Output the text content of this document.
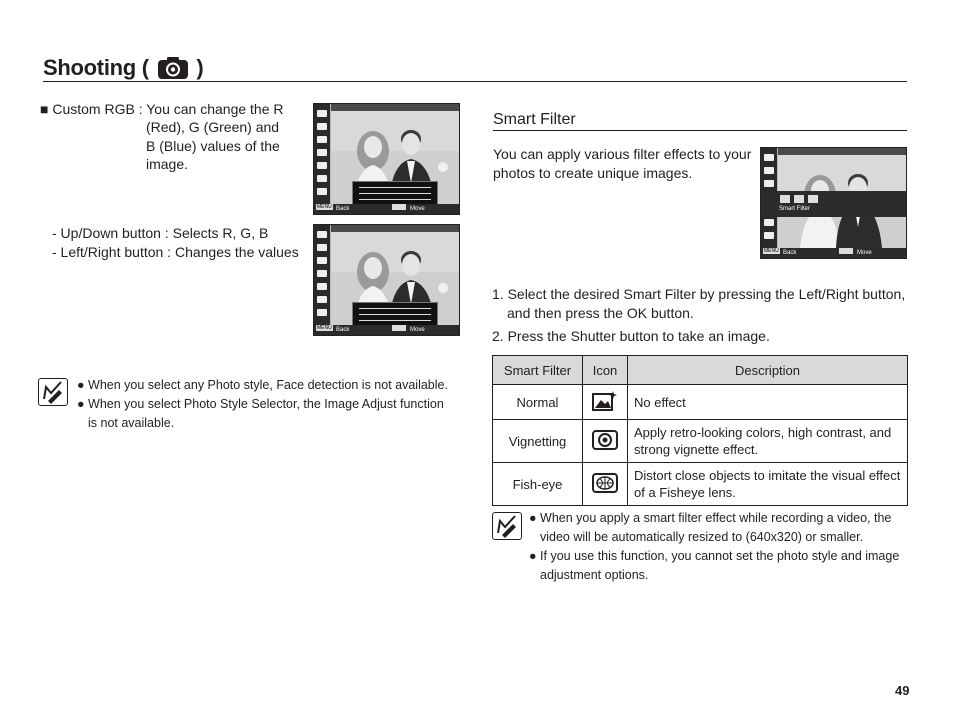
Shooting ( )
■ Custom RGB : You can change the R
(Red), G (Green) and
B (Blue) values of the
image.
- Up/Down button : Selects R, G, B
- Left/Right button : Changes the values
MENU Back	Move
MENU Back	Move
● When you select any Photo style, Face detection is not available.
● When you select Photo Style Selector, the Image Adjust function
is not available.
Smart Filter
You can apply various filter effects to your
photos to create unique images.
Smart Filter
MENU Back	Move
1. Select the desired Smart Filter by pressing the Left/Right button,
and then press the OK button.
2. Press the Shutter button to take an image.
Smart Filter	Icon	Description
Normal		No effect
Vignetting		Apply retro-looking colors, high contrast, and
strong vignette effect.

Fish-eye		Distort close objects to imitate the visual effect
of a Fisheye lens.
● When you apply a smart filter effect while recording a video, the
video will be automatically resized to (640x320) or smaller.
● If you use this function, you cannot set the photo style and image
adjustment options.
49
